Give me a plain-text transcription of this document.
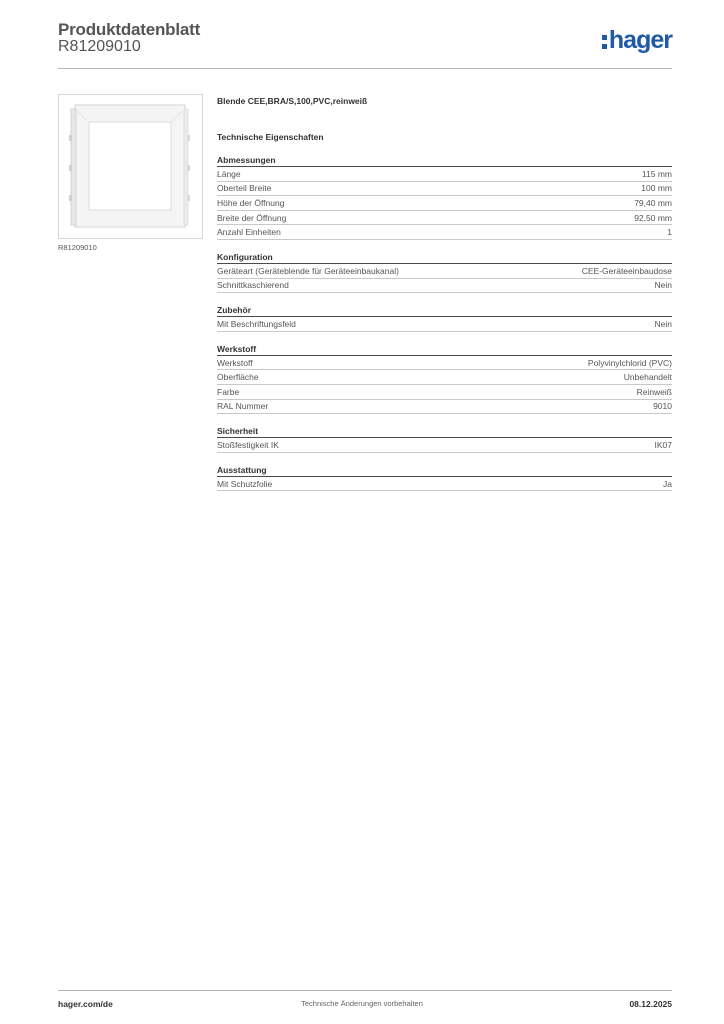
Produktdatenblatt
R81209010	hager
R81209010
Blende CEE,BRA/S,100,PVC,reinweiß
Technische Eigenschaften
Abmessungen
Länge	115 mm
Oberteil Breite	100 mm
Höhe der Öffnung	79,40 mm
Breite der Öffnung	92,50 mm
Anzahl Einheiten	1
Konfiguration
Geräteart (Geräteblende für Geräteeinbaukanal)	CEE-Geräteeinbaudose
Schnittkaschierend	Nein
Zubehör
Mit Beschriftungsfeld	Nein
Werkstoff
Werkstoff	Polyvinylchlorid (PVC)
Oberfläche	Unbehandelt
Farbe	Reinweiß
RAL Nummer	9010
Sicherheit
Stoßfestigkeit IK	IK07
Ausstattung
Mit Schutzfolie	Ja
hager.com/de	Technische Änderungen vorbehalten	08.12.2025
